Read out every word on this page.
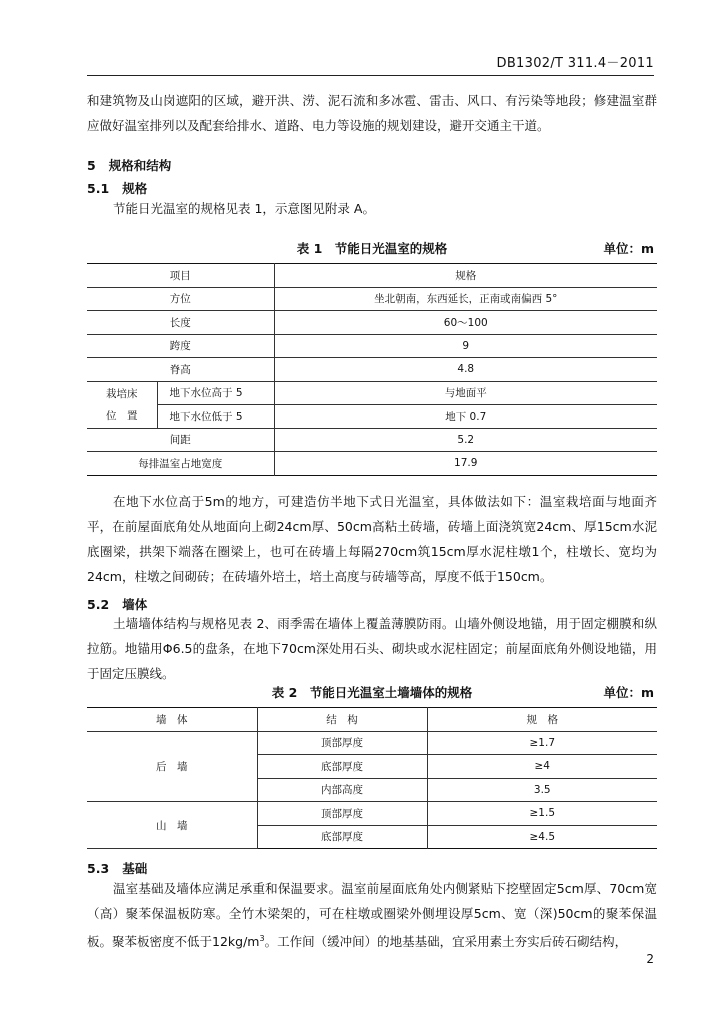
DB1302/T 311.4－2011
和建筑物及山岗遮阳的区域，避开洪、涝、泥石流和多冰雹、雷击、风口、有污染等地段；修建温室群应做好温室排列以及配套给排水、道路、电力等设施的规划建设，避开交通主干道。
5 规格和结构
5.1 规格
节能日光温室的规格见表 1，示意图见附录 A。
表 1　节能日光温室的规格	单位：m
项目		规格
方位		坐北朝南，东西延长，正南或南偏西 5°
长度		60～100
跨度		9
脊高		4.8
栽培床
位　置	地下水位高于 5	与地面平
	地下水位低于 5	地下 0.7
间距		5.2
每排温室占地宽度		17.9
在地下水位高于5m的地方，可建造仿半地下式日光温室，具体做法如下：温室栽培面与地面齐平，在前屋面底角处从地面向上砌24cm厚、50cm高粘土砖墙，砖墙上面浇筑宽24cm、厚15cm水泥底圈梁，拱架下端落在圈梁上，也可在砖墙上每隔270cm筑15cm厚水泥柱墩1个，柱墩长、宽均为24cm，柱墩之间砌砖；在砖墙外培土，培土高度与砖墙等高，厚度不低于150cm。
5.2 墙体
土墙墙体结构与规格见表 2、雨季需在墙体上覆盖薄膜防雨。山墙外侧设地锚，用于固定棚膜和纵拉筋。地锚用Φ6.5的盘条，在地下70cm深处用石头、砌块或水泥柱固定；前屋面底角外侧设地锚，用于固定压膜线。
表 2　节能日光温室土墙墙体的规格	单位：m
墙　体	结　构	规　格
后　墙	顶部厚度	≥1.7
	底部厚度	≥4
	内部高度	3.5
山　墙	顶部厚度	≥1.5
	底部厚度	≥4.5
5.3 基础
温室基础及墙体应满足承重和保温要求。温室前屋面底角处内侧紧贴下挖壁固定5cm厚、70cm宽（高）聚苯保温板防寒。全竹木梁架的，可在柱墩或圈梁外侧埋设厚5cm、宽（深)50cm的聚苯保温板。聚苯板密度不低于$12kg/m^3$。工作间（缓冲间）的地基基础，宜采用素土夯实后砖石砌结构，
2
